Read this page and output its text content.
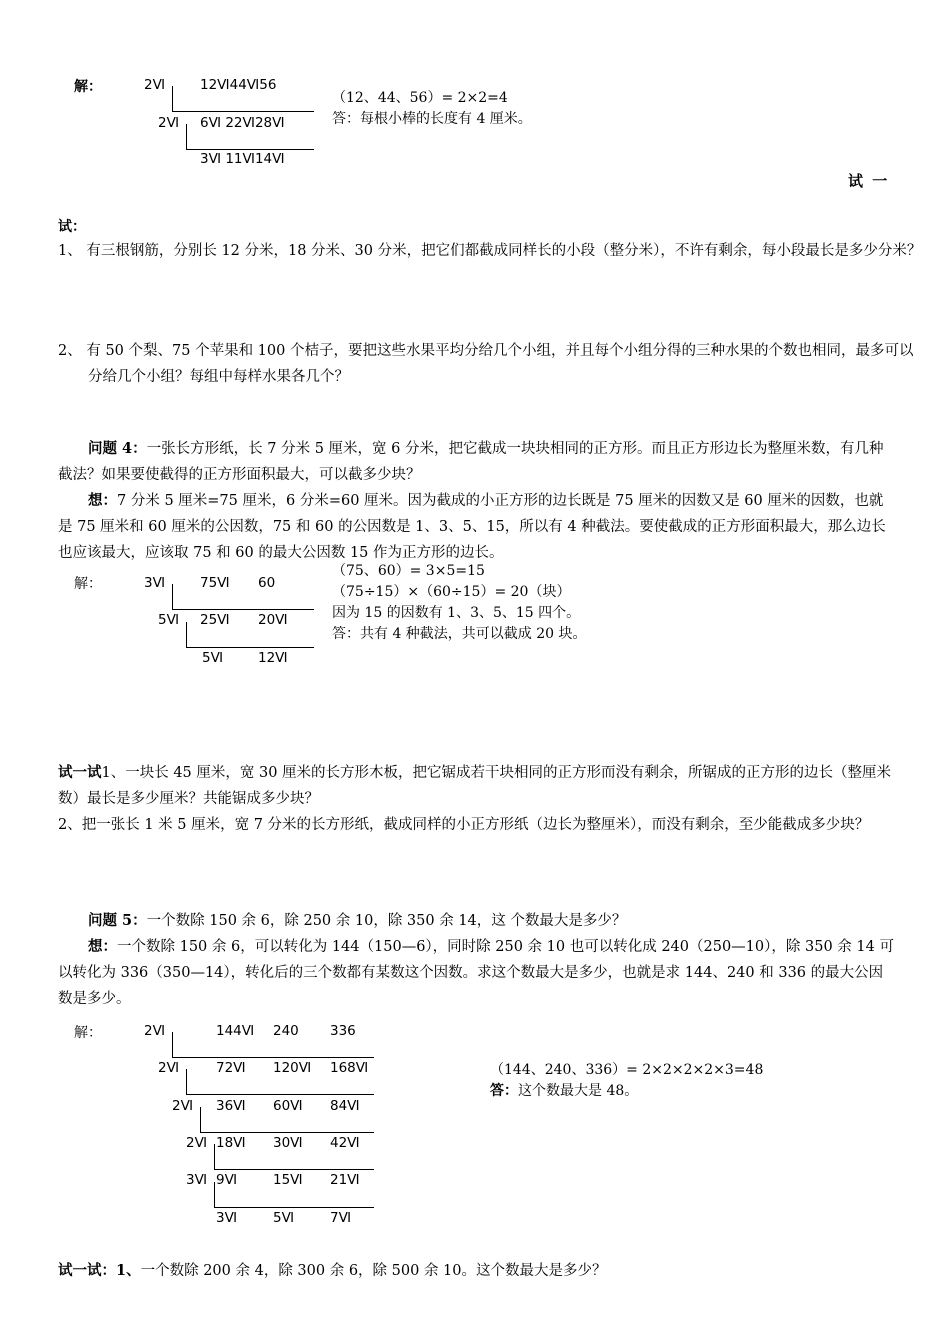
解：	2Ⅵ	12Ⅵ44Ⅵ56
2Ⅵ 6Ⅵ 22Ⅵ28Ⅵ
3Ⅵ 11Ⅵ14Ⅵ
（12、44、56）= 2×2=4
答：每根小棒的长度有 4 厘米。
试 一
试：
1、 有三根钢筋，分别长 12 分米，18 分米、30 分米，把它们都截成同样长的小段（整分米），不许有剩余，每小段最长是多少分米？
2、 有 50 个梨、75 个苹果和 100 个桔子，要把这些水果平均分给几个小组，并且每个小组分得的三种水果的个数也相同，最多可以分给几个小组？每组中每样水果各几个？
问题 4：一张长方形纸，长 7 分米 5 厘米，宽 6 分米，把它截成一块块相同的正方形。而且正方形边长为整厘米数，有几种截法？如果要使截得的正方形面积最大，可以截多少块？
想：7 分米 5 厘米=75 厘米，6 分米=60 厘米。因为截成的小正方形的边长既是 75 厘米的因数又是 60 厘米的因数，也就是 75 厘米和 60 厘米的公因数，75 和 60 的公因数是 1、3、5、15，所以有 4 种截法。要使截成的正方形面积最大，那么边长也应该最大，应该取 75 和 60 的最大公因数 15 作为正方形的边长。
解：	3Ⅵ	75Ⅵ 60
5Ⅵ 25Ⅵ 20Ⅵ
5Ⅵ	12Ⅵ
（75、60）= 3×5=15
（75÷15）×（60÷15）= 20（块）
因为 15 的因数有 1、3、5、15 四个。
答：共有 4 种截法，共可以截成 20 块。
试一试1、一块长 45 厘米，宽 30 厘米的长方形木板，把它锯成若干块相同的正方形而没有剩余，所锯成的正方形的边长（整厘米数）最长是多少厘米？共能锯成多少块？
2、把一张长 1 米 5 厘米，宽 7 分米的长方形纸，截成同样的小正方形纸（边长为整厘米），而没有剩余，至少能截成多少块？
问题 5：一个数除 150 余 6，除 250 余 10，除 350 余 14，这 个数最大是多少？
想：一个数除 150 余 6，可以转化为 144（150—6），同时除 250 余 10 也可以转化成 240（250—10），除 350 余 14 可以转化为 336（350—14），转化后的三个数都有某数这个因数。求这个数最大是多少，也就是求 144、240 和 336 的最大公因数是多少。
解：	2Ⅵ	144Ⅵ 240 336
2Ⅵ	72Ⅵ 120Ⅵ 168Ⅵ
2Ⅵ 36Ⅵ 60Ⅵ 84Ⅵ
2Ⅵ 18Ⅵ 30Ⅵ 42Ⅵ
3Ⅵ 9Ⅵ	15Ⅵ 21Ⅵ
3Ⅵ	5Ⅵ	7Ⅵ
（144、240、336）= 2×2×2×2×3=48
答：这个数最大是 48。
试一试：1、一个数除 200 余 4，除 300 余 6，除 500 余 10。这个数最大是多少？
